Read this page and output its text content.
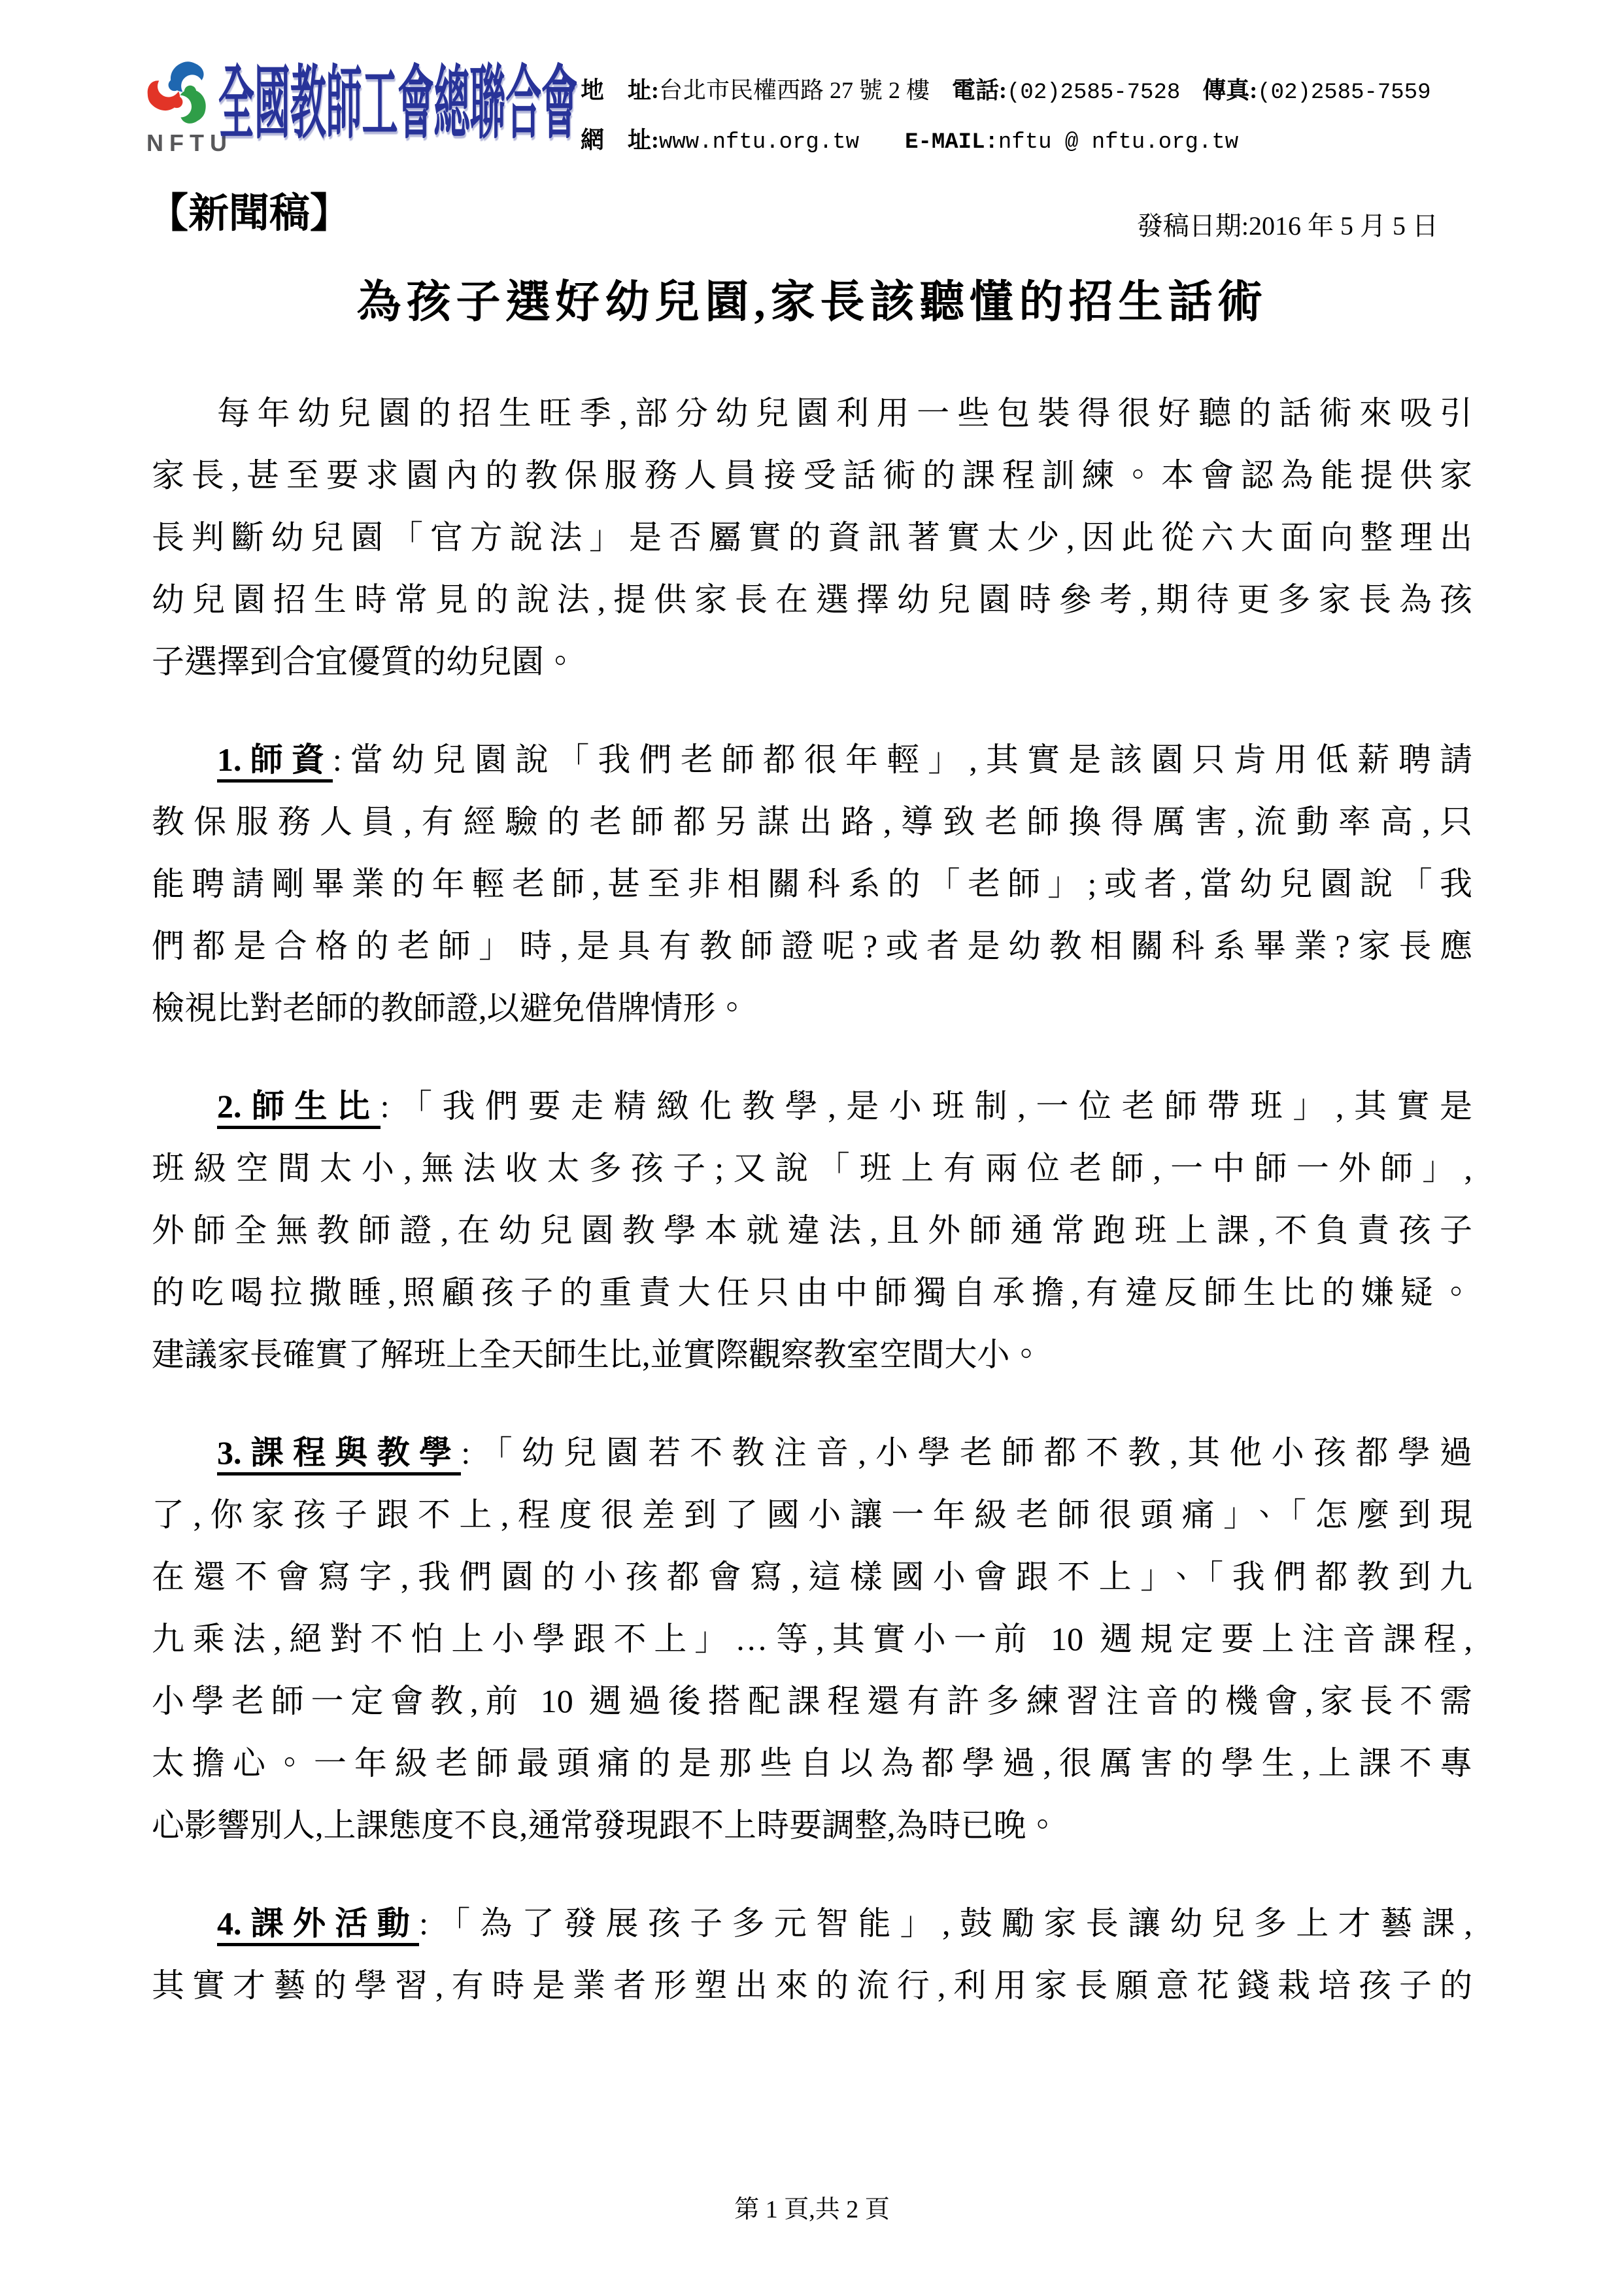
NFTU
全國教師工會總聯合會 地　址:台北市民權西路 27 號 2 樓 電話:(02)2585-7528 傳真:(02)2585-7559
網　址:www.nftu.org.tw E-MAIL:nftu @ nftu.org.tw
【新聞稿】	發稿日期:2016 年 5 月 5 日
為孩子選好幼兒園,家長該聽懂的招生話術

每年幼兒園的招生旺季,部分幼兒園利用一些包裝得很好聽的話術來吸引

家長,甚至要求園內的教保服務人員接受話術的課程訓練。本會認為能提供家

長判斷幼兒園「官方說法」是否屬實的資訊著實太少,因此從六大面向整理出

幼兒園招生時常見的說法,提供家長在選擇幼兒園時參考,期待更多家長為孩

子選擇到合宜優質的幼兒園。

1.師資:當幼兒園說「我們老師都很年輕」,其實是該園只肯用低薪聘請

教保服務人員,有經驗的老師都另謀出路,導致老師換得厲害,流動率高,只

能聘請剛畢業的年輕老師,甚至非相關科系的「老師」;或者,當幼兒園說「我

們都是合格的老師」時,是具有教師證呢?或者是幼教相關科系畢業?家長應

檢視比對老師的教師證,以避免借牌情形。

2.師生比:「我們要走精緻化教學,是小班制,一位老師帶班」,其實是

班級空間太小,無法收太多孩子;又說「班上有兩位老師,一中師一外師」,

外師全無教師證,在幼兒園教學本就違法,且外師通常跑班上課,不負責孩子

的吃喝拉撒睡,照顧孩子的重責大任只由中師獨自承擔,有違反師生比的嫌疑。

建議家長確實了解班上全天師生比,並實際觀察教室空間大小。

3.課程與教學:「幼兒園若不教注音,小學老師都不教,其他小孩都學過

了,你家孩子跟不上,程度很差到了國小讓一年級老師很頭痛」、「怎麼到現

在還不會寫字,我們園的小孩都會寫,這樣國小會跟不上」、「我們都教到九

九乘法,絕對不怕上小學跟不上」…等,其實小一前 10 週規定要上注音課程,

小學老師一定會教,前 10 週過後搭配課程還有許多練習注音的機會,家長不需

太擔心。一年級老師最頭痛的是那些自以為都學過,很厲害的學生,上課不專

心影響別人,上課態度不良,通常發現跟不上時要調整,為時已晚。

4.課外活動:「為了發展孩子多元智能」,鼓勵家長讓幼兒多上才藝課,

其實才藝的學習,有時是業者形塑出來的流行,利用家長願意花錢栽培孩子的

第 1 頁,共 2 頁
